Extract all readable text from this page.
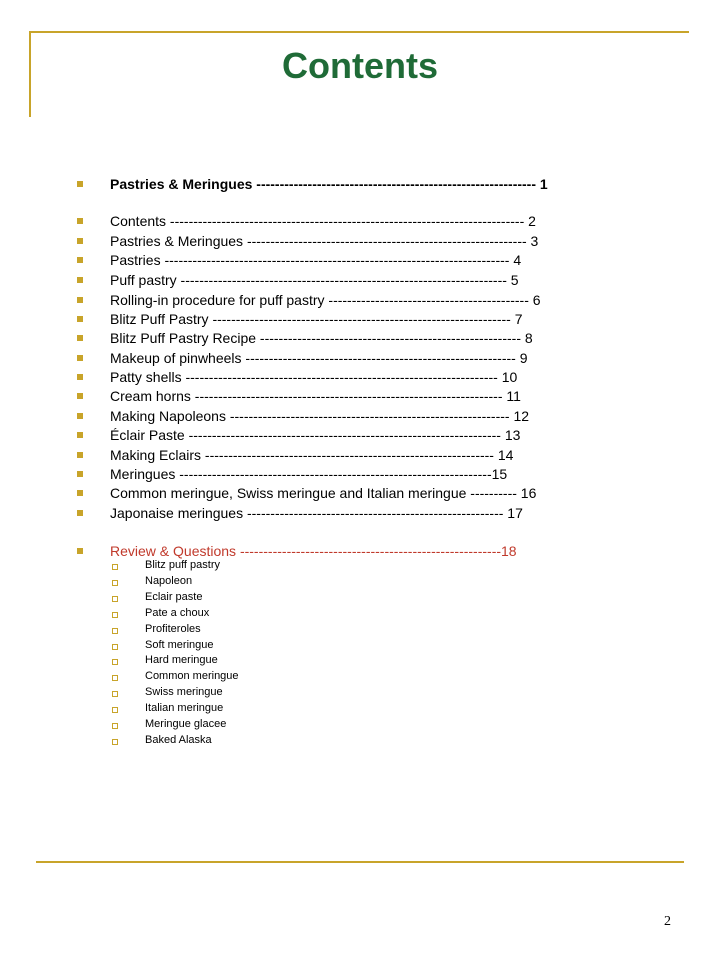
Contents
Pastries & Meringues ------------------------------------------------------------ 1
Contents ---------------------------------------------------------------------------- 2
Pastries & Meringues ------------------------------------------------------------ 3
Pastries -------------------------------------------------------------------------- 4
Puff pastry ---------------------------------------------------------------------- 5
Rolling-in procedure for puff pastry ------------------------------------------- 6
Blitz Puff Pastry ---------------------------------------------------------------- 7
Blitz Puff Pastry Recipe -------------------------------------------------------- 8
Makeup of pinwheels ---------------------------------------------------------- 9
Patty shells ------------------------------------------------------------------- 10
Cream horns ------------------------------------------------------------------ 11
Making Napoleons ------------------------------------------------------------ 12
Éclair Paste ------------------------------------------------------------------- 13
Making Eclairs -------------------------------------------------------------- 14
Meringues -------------------------------------------------------------------15
Common meringue, Swiss meringue and Italian meringue ---------- 16
Japonaise meringues ------------------------------------------------------- 17
Review & Questions --------------------------------------------------------18
Blitz puff pastry
Napoleon
Eclair paste
Pate a choux
Profiteroles
Soft meringue
Hard meringue
Common meringue
Swiss meringue
Italian meringue
Meringue glacee
Baked Alaska
2
